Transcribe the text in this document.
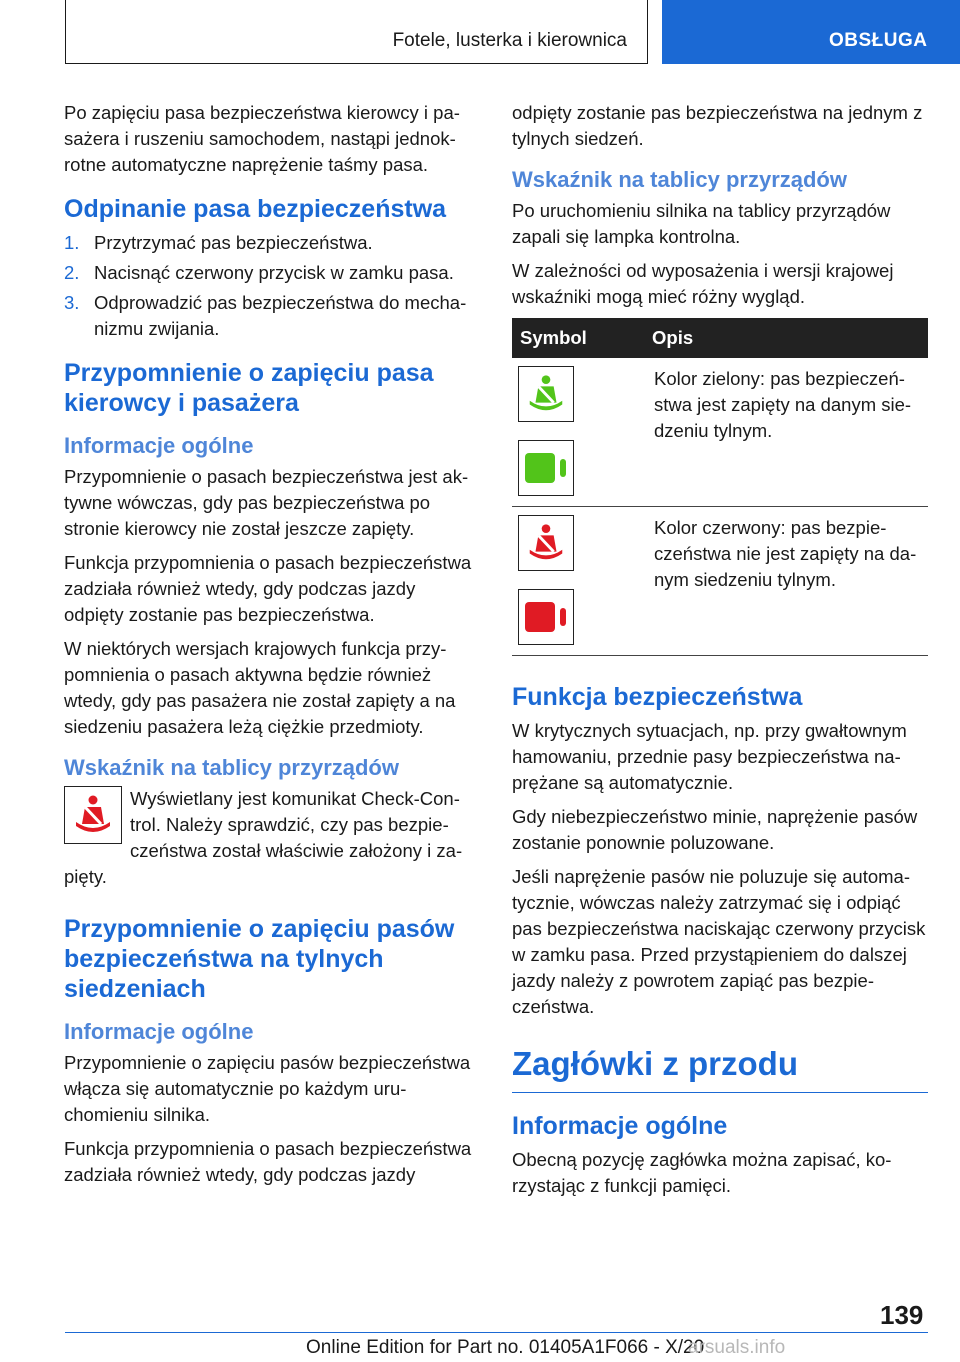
Fotele, lusterka i kierownica	OBSŁUGA

Po zapięciu pasa bezpieczeństwa kierowcy i pasażera i ruszeniu samochodem, nastąpi jednokrotne automatyczne naprężenie taśmy pasa.

Odpinanie pasa bezpieczeństwa
1. Przytrzymać pas bezpieczeństwa.
2. Nacisnąć czerwony przycisk w zamku pasa.
3. Odprowadzić pas bezpieczeństwa do mechanizmu zwijania.
Przypomnienie o zapięciu pasa kierowcy i pasażera
Informacje ogólne

Przypomnienie o pasach bezpieczeństwa jest aktywne wówczas, gdy pas bezpieczeństwa po stronie kierowcy nie został jeszcze zapięty.

Funkcja przypomnienia o pasach bezpieczeństwa zadziała również wtedy, gdy podczas jazdy odpięty zostanie pas bezpieczeństwa.

W niektórych wersjach krajowych funkcja przypomnienia o pasach aktywna będzie również wtedy, gdy pas pasażera nie został zapięty a na siedzeniu pasażera leżą ciężkie przedmioty.

Wskaźnik na tablicy przyrządów

Wyświetlany jest komunikat Check-Control. Należy sprawdzić, czy pas bezpieczeństwa został właściwie założony i zapięty.

Przypomnienie o zapięciu pasów bezpieczeństwa na tylnych siedzeniach
Informacje ogólne

Przypomnienie o zapięciu pasów bezpieczeństwa włącza się automatycznie po każdym uruchomieniu silnika.

Funkcja przypomnienia o pasach bezpieczeństwa zadziała również wtedy, gdy podczas jazdy

odpięty zostanie pas bezpieczeństwa na jednym z tylnych siedzeń.

Wskaźnik na tablicy przyrządów

Po uruchomieniu silnika na tablicy przyrządów zapali się lampka kontrolna.

W zależności od wyposażenia i wersji krajowej wskaźniki mogą mieć różny wygląd.

Symbol	Opis

	Kolor zielony: pas bezpieczeństwa jest zapięty na danym siedzeniu tylnym.

	Kolor czerwony: pas bezpieczeństwa nie jest zapięty na danym siedzeniu tylnym.
Funkcja bezpieczeństwa

W krytycznych sytuacjach, np. przy gwałtownym hamowaniu, przednie pasy bezpieczeństwa naprężane są automatycznie.

Gdy niebezpieczeństwo minie, naprężenie pasów zostanie ponownie poluzowane.

Jeśli naprężenie pasów nie poluzuje się automatycznie, wówczas należy zatrzymać się i odpiąć pas bezpieczeństwa naciskając czerwony przycisk w zamku pasa. Przed przystąpieniem do dalszej jazdy należy z powrotem zapiąć pas bezpieczeństwa.

Zagłówki z przodu
Informacje ogólne

Obecną pozycję zagłówka można zapisać, korzystając z funkcji pamięci.

139
Online Edition for Part no. 01405A1F066 - X/20
arsuals.info
